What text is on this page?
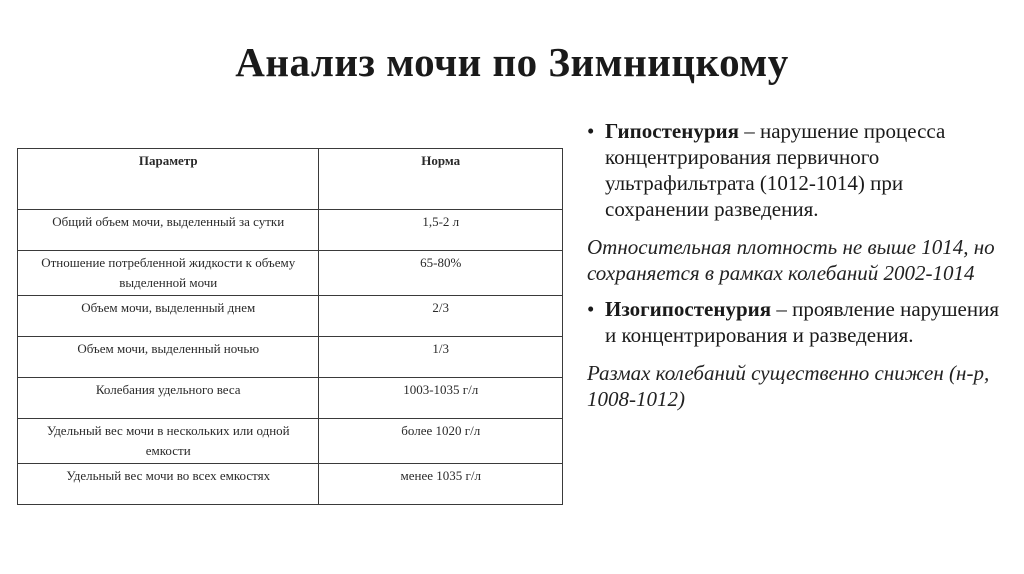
Анализ мочи по Зимницкому
Параметр	Норма
Общий объем мочи, выделенный за сутки	1,5-2 л
Отношение потребленной жидкости к объему выделенной мочи	65-80%
Объем мочи, выделенный днем	2/3
Объем мочи, выделенный ночью	1/3
Колебания удельного веса	1003-1035 г/л
Удельный вес мочи в нескольких или одной емкости	более 1020 г/л
Удельный вес мочи во всех емкостях	менее 1035 г/л

• Гипостенурия – нарушение процесса концентрирования первичного ультрафильтрата (1012-1014) при сохранении разведения.

Относительная плотность не выше 1014, но сохраняется в рамках колебаний 2002-1014

• Изогипостенурия – проявление нарушения и концентрирования и разведения.

Размах колебаний существенно снижен (н-р, 1008-1012)
